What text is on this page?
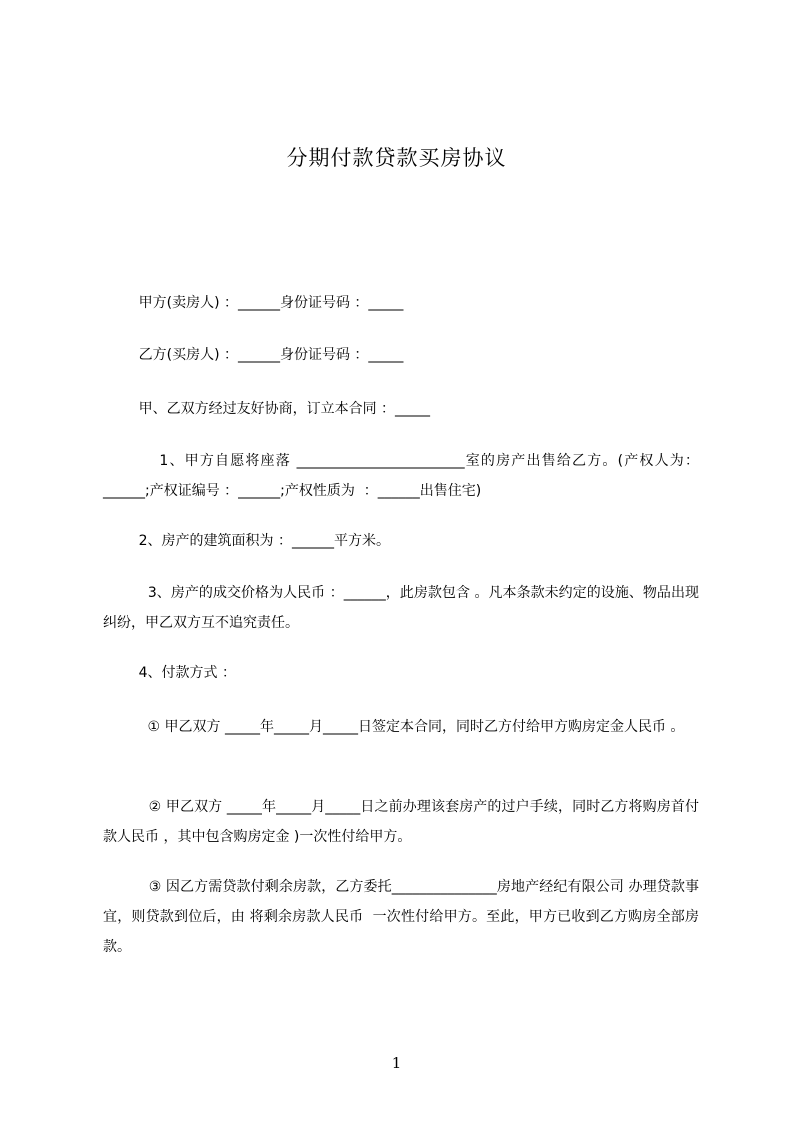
分期付款贷款买房协议
甲方(卖房人) ：______身份证号码 ：_____
乙方(买房人) ：______身份证号码 ：_____
甲、乙双方经过友好协商，订立本合同 ：_____
1、甲方自愿将座落 ________________________室的房产出售给乙方。(产权人为：______;产权证编号 ：______;产权性质为  ：______出售住宅)
2、房产的建筑面积为 ：______平方米。
3、房产的成交价格为人民币 ：______，此房款包含 。凡本条款未约定的设施、物品出现纠纷，甲乙双方互不追究责任。
4、付款方式 ：
① 甲乙双方 _____年_____月_____日签定本合同，同时乙方付给甲方购房定金人民币 。
② 甲乙双方 _____年_____月_____日之前办理该套房产的过户手续，同时乙方将购房首付款人民币 ，其中包含购房定金 )一次性付给甲方。
③ 因乙方需贷款付剩余房款，乙方委托_______________房地产经纪有限公司 办理贷款事宜，则贷款到位后，由 将剩余房款人民币  一次性付给甲方。至此，甲方已收到乙方购房全部房款。
1
